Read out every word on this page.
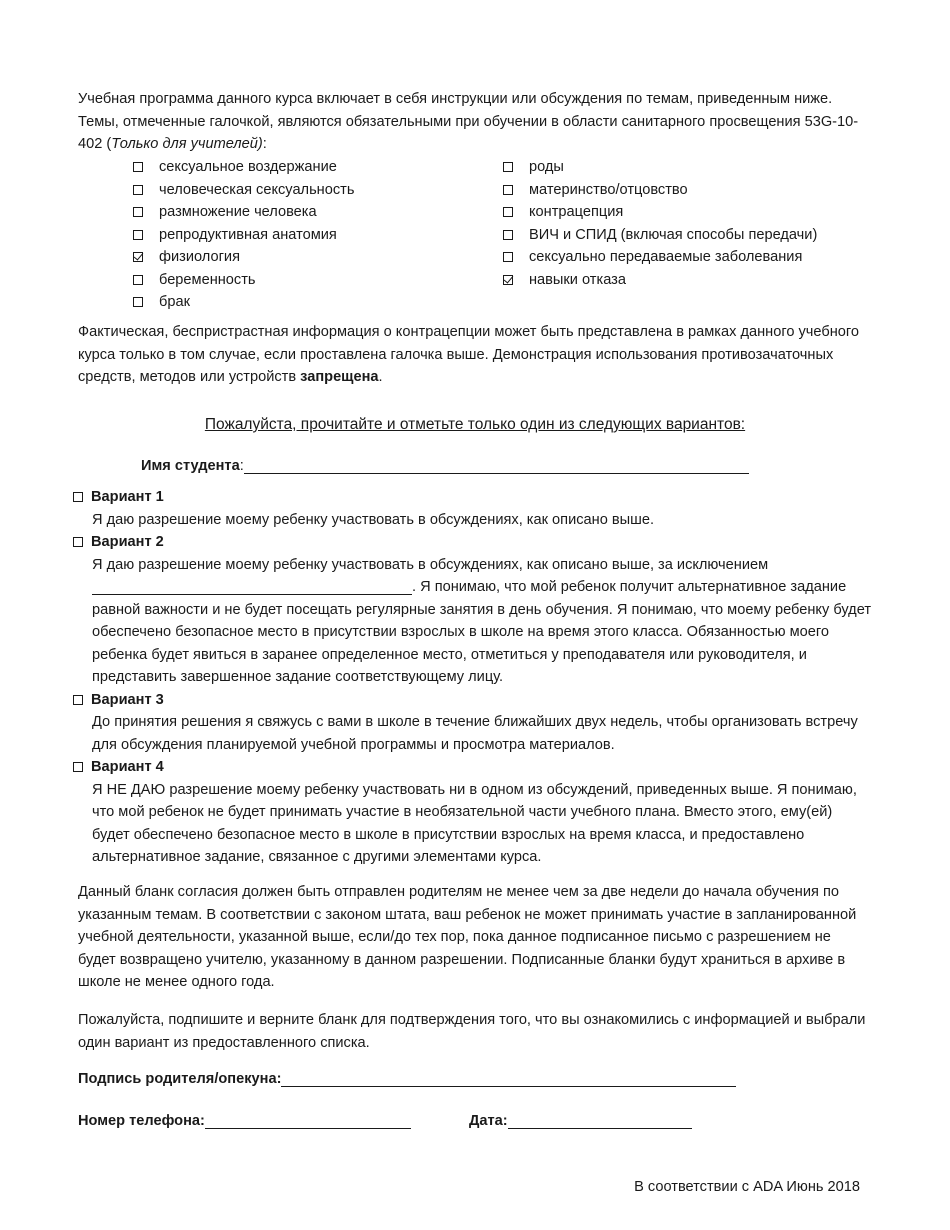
Учебная программа данного курса включает в себя инструкции или обсуждения по темам, приведенным ниже. Темы, отмеченные галочкой, являются обязательными при обучении в области санитарного просвещения 53G-10-402 (Только для учителей):

сексуальное воздержание
человеческая сексуальность
размножение человека
репродуктивная анатомия
физиология
беременность
брак
роды
материнство/отцовство
контрацепция
ВИЧ и СПИД (включая способы передачи)
сексуально передаваемые заболевания
навыки отказа

Фактическая, беспристрастная информация о контрацепции может быть представлена в рамках данного учебного курса только в том случае, если проставлена галочка выше. Демонстрация использования противозачаточных средств, методов или устройств запрещена.

Пожалуйста, прочитайте и отметьте только один из следующих вариантов:
Имя студента:
Вариант 1
Я даю разрешение моему ребенку участвовать в обсуждениях, как описано выше.
Вариант 2
Я даю разрешение моему ребенку участвовать в обсуждениях, как описано выше, за исключением
. Я понимаю, что мой ребенок получит альтернативное задание равной важности и не будет посещать регулярные занятия в день обучения. Я понимаю, что моему ребенку будет обеспечено безопасное место в присутствии взрослых в школе на время этого класса. Обязанностью моего ребенка будет явиться в заранее определенное место, отметиться у преподавателя или руководителя, и представить завершенное задание соответствующему лицу.
Вариант 3
До принятия решения я свяжусь с вами в школе в течение ближайших двух недель, чтобы организовать встречу для обсуждения планируемой учебной программы и просмотра материалов.
Вариант 4
Я НЕ ДАЮ разрешение моему ребенку участвовать ни в одном из обсуждений, приведенных выше. Я понимаю, что мой ребенок не будет принимать участие в необязательной части учебного плана. Вместо этого, ему(ей) будет обеспечено безопасное место в школе в присутствии взрослых на время класса, и предоставлено альтернативное задание, связанное с другими элементами курса.

Данный бланк согласия должен быть отправлен родителям не менее чем за две недели до начала обучения по указанным темам. В соответствии с законом штата, ваш ребенок не может принимать участие в запланированной учебной деятельности, указанной выше, если/до тех пор, пока данное подписанное письмо с разрешением не будет возвращено учителю, указанному в данном разрешении. Подписанные бланки будут храниться в архиве в школе не менее одного года.

Пожалуйста, подпишите и верните бланк для подтверждения того, что вы ознакомились с информацией и выбрали один вариант из предоставленного списка.

Подпись родителя/опекуна:
Номер телефона:	Дата:
В соответствии с ADA Июнь 2018
